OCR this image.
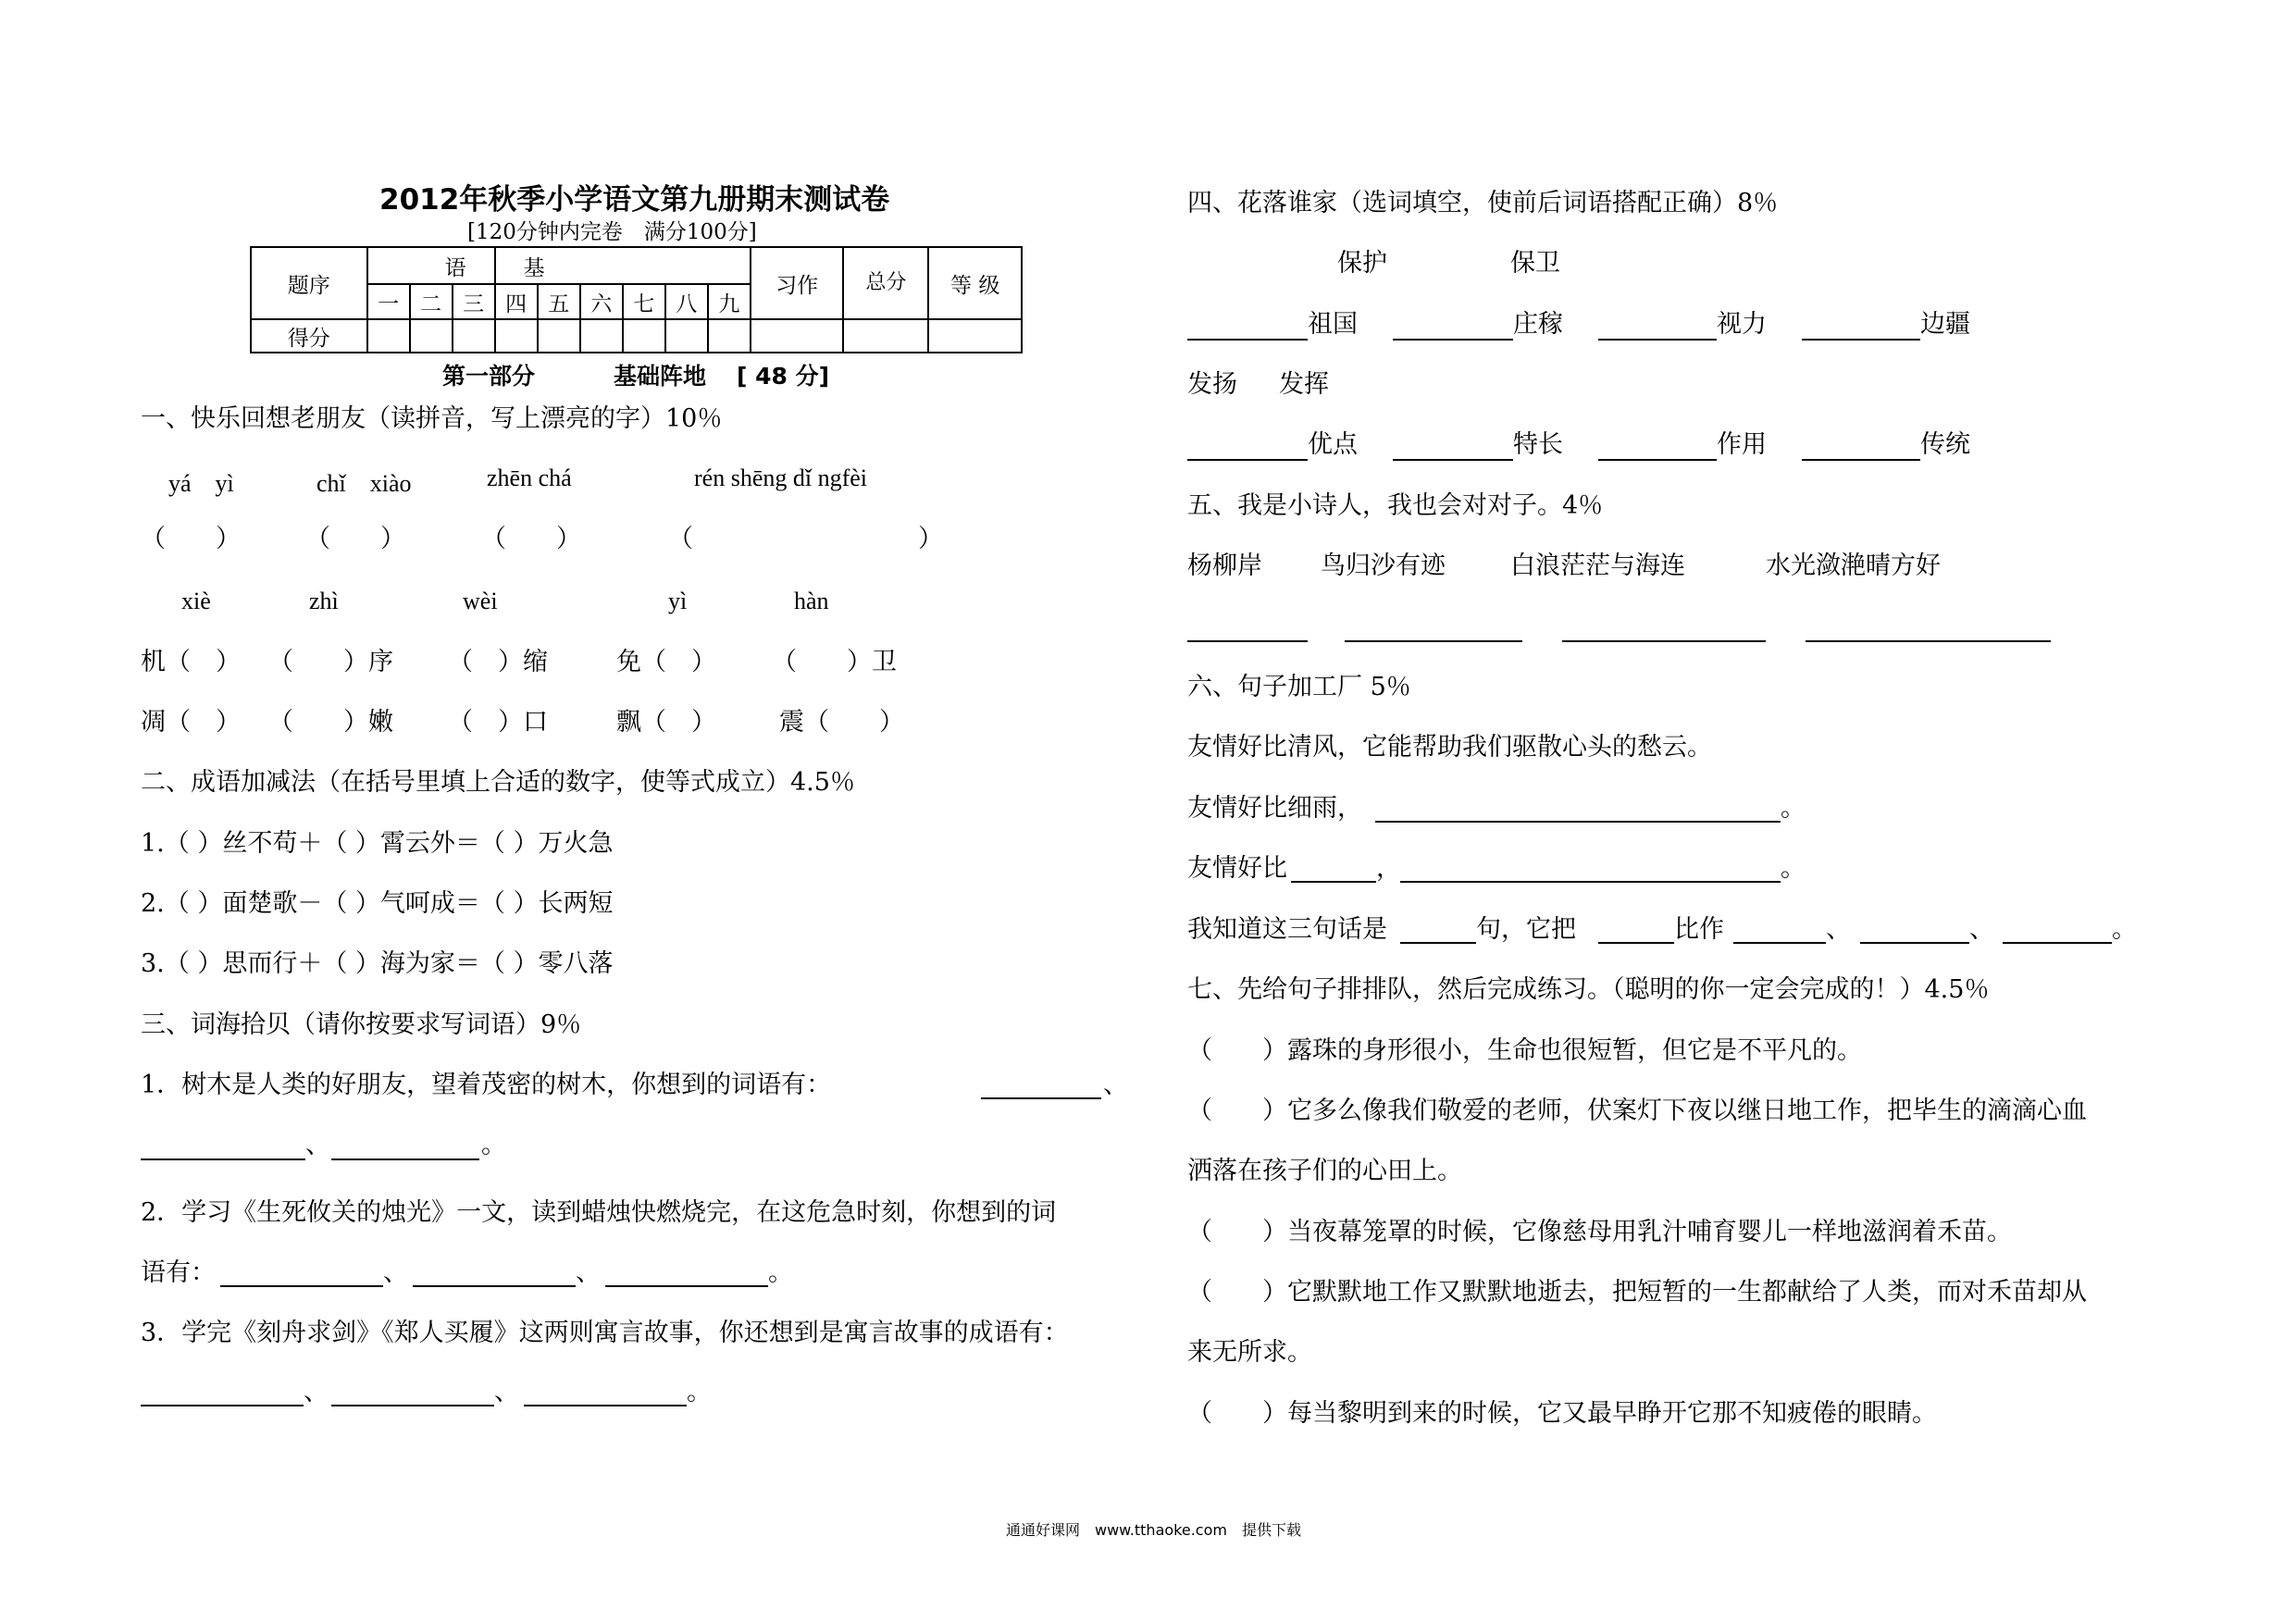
2012年秋季小学语文第九册期末测试卷
[120分钟内完卷　满分100分]
题序	语			基						习作	总分	等 级
	一	二	三	四	五	六	七	八	九			
得分												
第一部分	基础阵地 [ 48 分]
一、快乐回想老朋友（读拼音，写上漂亮的字）10％
yá　yì	chǐ　xiào	zhēn chá	rén shēng dǐ ngfèi
（　　）	（　　）	（　　）	（　　　　　　　　　）
xiè	zhì	wèi	yì	hàn
机（　） （　　）序 （　）缩	免（　） （　　）卫
凋（　） （　　）嫩 （　）口	飘（　）	震（　　）
二、成语加减法（在括号里填上合适的数字，使等式成立）4.5％
1.（ ）丝不苟＋（ ）霄云外＝（ ）万火急
2.（ ）面楚歌－（ ）气呵成＝（ ）长两短
3.（ ）思而行＋（ ）海为家＝（ ）零八落
三、词海拾贝（请你按要求写词语）9％
1．树木是人类的好朋友，望着茂密的树木，你想到的词语有：	、
、	。
2．学习《生死攸关的烛光》一文，读到蜡烛快燃烧完，在这危急时刻，你想到的词
语有：	、	、	。
3．学完《刻舟求剑》《郑人买履》这两则寓言故事，你还想到是寓言故事的成语有：
、	、	。
四、花落谁家（选词填空，使前后词语搭配正确）8％
保护	保卫
祖国	庄稼	视力	边疆
发扬 发挥
优点	特长	作用	传统
五、我是小诗人，我也会对对子。4％
杨柳岸 鸟归沙有迹	白浪茫茫与海连	水光潋滟晴方好
六、句子加工厂 5％
友情好比清风，它能帮助我们驱散心头的愁云。
友情好比细雨，	。
友情好比	，	。
我知道这三句话是	句，它把	比作	、	、	。
七、先给句子排排队，然后完成练习。（聪明的你一定会完成的！）4.5％
（　　）露珠的身形很小，生命也很短暂，但它是不平凡的。
（　　）它多么像我们敬爱的老师，伏案灯下夜以继日地工作，把毕生的滴滴心血
洒落在孩子们的心田上。
（　　）当夜幕笼罩的时候，它像慈母用乳汁哺育婴儿一样地滋润着禾苗。
（　　）它默默地工作又默默地逝去，把短暂的一生都献给了人类，而对禾苗却从
来无所求。
（　　）每当黎明到来的时候，它又最早睁开它那不知疲倦的眼睛。
通通好课网　www.tthaoke.com　提供下载
